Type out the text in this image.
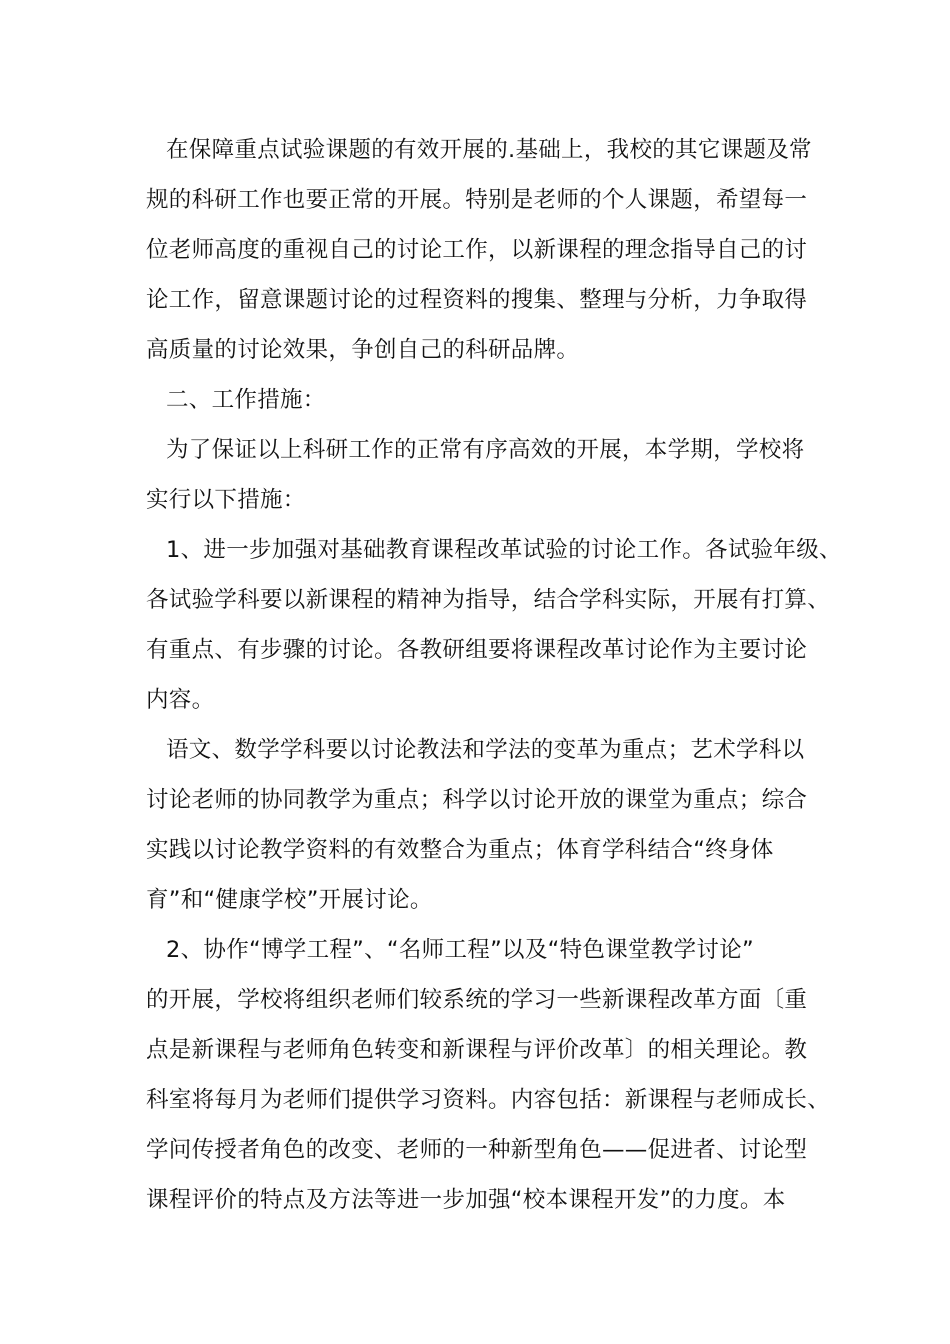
在保障重点试验课题的有效开展的.基础上，我校的其它课题及常
规的科研工作也要正常的开展。特别是老师的个人课题，希望每一
位老师高度的重视自己的讨论工作，以新课程的理念指导自己的讨
论工作，留意课题讨论的过程资料的搜集、整理与分析，力争取得
高质量的讨论效果，争创自己的科研品牌。
二、工作措施：
为了保证以上科研工作的正常有序高效的开展，本学期，学校将
实行以下措施：
1、进一步加强对基础教育课程改革试验的讨论工作。各试验年级、
各试验学科要以新课程的精神为指导，结合学科实际，开展有打算、
有重点、有步骤的讨论。各教研组要将课程改革讨论作为主要讨论
内容。
语文、数学学科要以讨论教法和学法的变革为重点；艺术学科以
讨论老师的协同教学为重点；科学以讨论开放的课堂为重点；综合
实践以讨论教学资料的有效整合为重点；体育学科结合“终身体
育”和“健康学校”开展讨论。
2、协作“博学工程”、“名师工程”以及“特色课堂教学讨论”
的开展，学校将组织老师们较系统的学习一些新课程改革方面〔重
点是新课程与老师角色转变和新课程与评价改革〕的相关理论。教
科室将每月为老师们提供学习资料。内容包括：新课程与老师成长、
学问传授者角色的改变、老师的一种新型角色——促进者、讨论型
课程评价的特点及方法等进一步加强“校本课程开发”的力度。本
